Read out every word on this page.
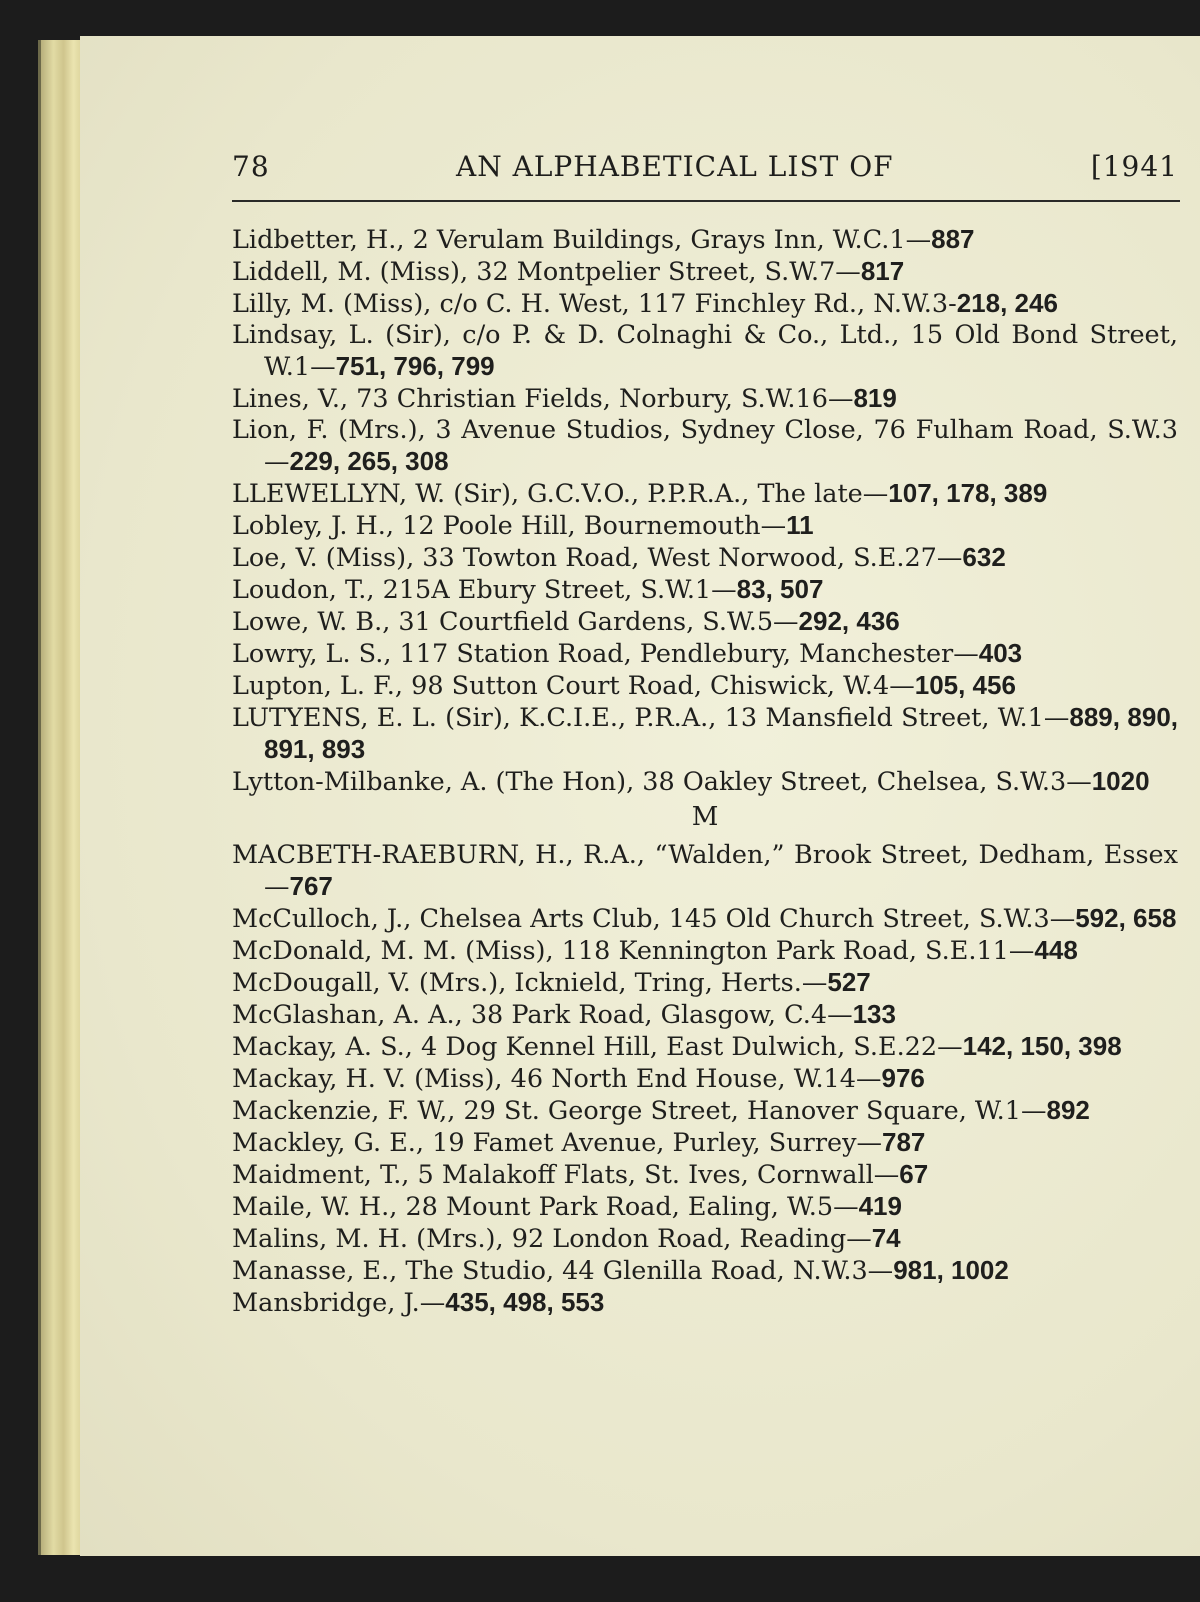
78	AN ALPHABETICAL LIST OF	[1941
Lidbetter, H., 2 Verulam Buildings, Grays Inn, W.C.1—887
Liddell, M. (Miss), 32 Montpelier Street, S.W.7—817
Lilly, M. (Miss), c/o C. H. West, 117 Finchley Rd., N.W.3-218, 246
Lindsay, L. (Sir), c/o P. & D. Colnaghi & Co., Ltd., 15 Old Bond Street, W.1—751, 796, 799
Lines, V., 73 Christian Fields, Norbury, S.W.16—819
Lion, F. (Mrs.), 3 Avenue Studios, Sydney Close, 76 Fulham Road, S.W.3—229, 265, 308
LLEWELLYN, W. (Sir), G.C.V.O., P.P.R.A., The late—107, 178, 389
Lobley, J. H., 12 Poole Hill, Bournemouth—11
Loe, V. (Miss), 33 Towton Road, West Norwood, S.E.27—632
Loudon, T., 215A Ebury Street, S.W.1—83, 507
Lowe, W. B., 31 Courtfield Gardens, S.W.5—292, 436
Lowry, L. S., 117 Station Road, Pendlebury, Manchester—403
Lupton, L. F., 98 Sutton Court Road, Chiswick, W.4—105, 456
LUTYENS, E. L. (Sir), K.C.I.E., P.R.A., 13 Mansfield Street, W.1—889, 890, 891, 893
Lytton-Milbanke, A. (The Hon), 38 Oakley Street, Chelsea, S.W.3—1020
M
MACBETH-RAEBURN, H., R.A., “Walden,” Brook Street, Dedham, Essex—767
McCulloch, J., Chelsea Arts Club, 145 Old Church Street, S.W.3—592, 658
McDonald, M. M. (Miss), 118 Kennington Park Road, S.E.11—448
McDougall, V. (Mrs.), Icknield, Tring, Herts.—527
McGlashan, A. A., 38 Park Road, Glasgow, C.4—133
Mackay, A. S., 4 Dog Kennel Hill, East Dulwich, S.E.22—142, 150, 398
Mackay, H. V. (Miss), 46 North End House, W.14—976
Mackenzie, F. W,, 29 St. George Street, Hanover Square, W.1—892
Mackley, G. E., 19 Famet Avenue, Purley, Surrey—787
Maidment, T., 5 Malakoff Flats, St. Ives, Cornwall—67
Maile, W. H., 28 Mount Park Road, Ealing, W.5—419
Malins, M. H. (Mrs.), 92 London Road, Reading—74
Manasse, E., The Studio, 44 Glenilla Road, N.W.3—981, 1002
Mansbridge, J.—435, 498, 553
